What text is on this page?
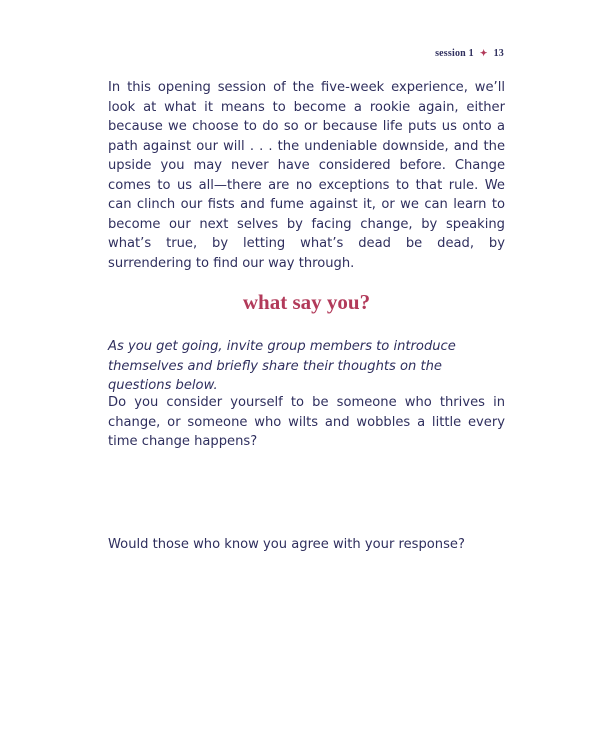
session 1 ✦ 13

In this opening session of the five-week experience, we’ll look at what it means to become a rookie again, either because we choose to do so or because life puts us onto a path against our will . . . the undeniable downside, and the upside you may never have considered before. Change comes to us all—there are no exceptions to that rule. We can clinch our fists and fume against it, or we can learn to become our next selves by facing change, by speaking what’s true, by letting what’s dead be dead, by surrendering to find our way through.

what say you?

As you get going, invite group members to introduce themselves and briefly share their thoughts on the questions below.

Do you consider yourself to be someone who thrives in change, or someone who wilts and wobbles a little every time change happens?

Would those who know you agree with your response?
